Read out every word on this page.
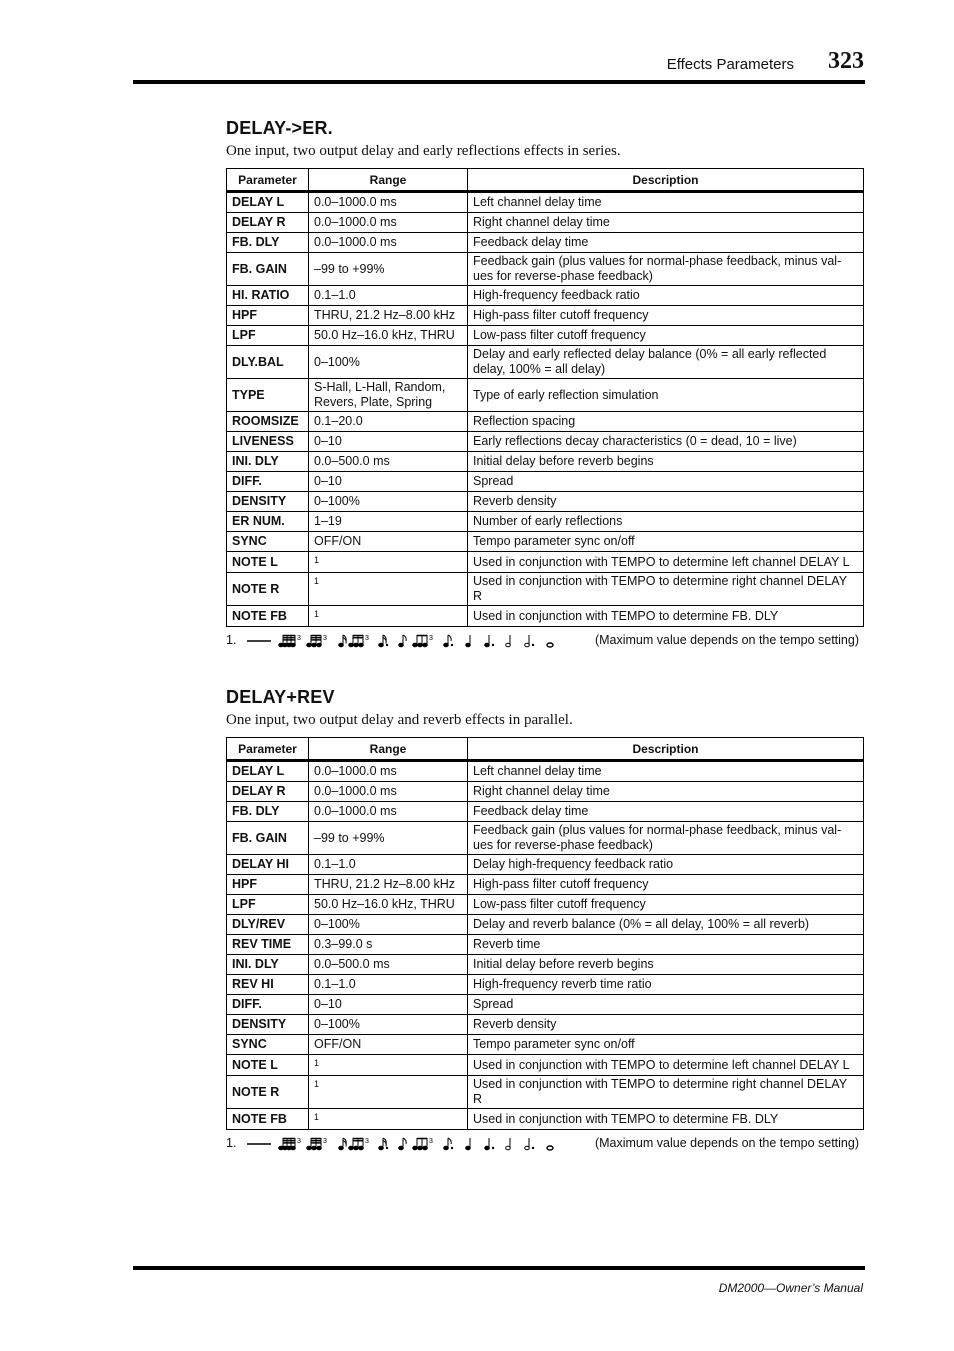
Effects Parameters	323
DELAY->ER.

One input, two output delay and early reflections effects in series.

Parameter	Range	Description
DELAY L	0.0–1000.0 ms	Left channel delay time
DELAY R	0.0–1000.0 ms	Right channel delay time
FB. DLY	0.0–1000.0 ms	Feedback delay time
FB. GAIN	–99 to +99%	Feedback gain (plus values for normal-phase feedback, minus val-ues for reverse-phase feedback)
HI. RATIO	0.1–1.0	High-frequency feedback ratio
HPF	THRU, 21.2 Hz–8.00 kHz	High-pass filter cutoff frequency
LPF	50.0 Hz–16.0 kHz, THRU	Low-pass filter cutoff frequency
DLY.BAL	0–100%	Delay and early reflected delay balance (0% = all early reflected delay, 100% = all delay)
TYPE	S-Hall, L-Hall, Random, Revers, Plate, Spring	Type of early reflection simulation
ROOMSIZE	0.1–20.0	Reflection spacing
LIVENESS	0–10	Early reflections decay characteristics (0 = dead, 10 = live)
INI. DLY	0.0–500.0 ms	Initial delay before reverb begins
DIFF.	0–10	Spread
DENSITY	0–100%	Reverb density
ER NUM.	1–19	Number of early reflections
SYNC	OFF/ON	Tempo parameter sync on/off
NOTE L	1	Used in conjunction with TEMPO to determine left channel DELAY L
NOTE R	1	Used in conjunction with TEMPO to determine right channel DELAY R
NOTE FB	1	Used in conjunction with TEMPO to determine FB. DLY
1.	3	3	3	3	(Maximum value depends on the tempo setting)
DELAY+REV

One input, two output delay and reverb effects in parallel.

Parameter	Range	Description
DELAY L	0.0–1000.0 ms	Left channel delay time
DELAY R	0.0–1000.0 ms	Right channel delay time
FB. DLY	0.0–1000.0 ms	Feedback delay time
FB. GAIN	–99 to +99%	Feedback gain (plus values for normal-phase feedback, minus val-ues for reverse-phase feedback)
DELAY HI	0.1–1.0	Delay high-frequency feedback ratio
HPF	THRU, 21.2 Hz–8.00 kHz	High-pass filter cutoff frequency
LPF	50.0 Hz–16.0 kHz, THRU	Low-pass filter cutoff frequency
DLY/REV	0–100%	Delay and reverb balance (0% = all delay, 100% = all reverb)
REV TIME	0.3–99.0 s	Reverb time
INI. DLY	0.0–500.0 ms	Initial delay before reverb begins
REV HI	0.1–1.0	High-frequency reverb time ratio
DIFF.	0–10	Spread
DENSITY	0–100%	Reverb density
SYNC	OFF/ON	Tempo parameter sync on/off
NOTE L	1	Used in conjunction with TEMPO to determine left channel DELAY L
NOTE R	1	Used in conjunction with TEMPO to determine right channel DELAY R
NOTE FB	1	Used in conjunction with TEMPO to determine FB. DLY
1.	3	3	3	3	(Maximum value depends on the tempo setting)
DM2000—Owner’s Manual
